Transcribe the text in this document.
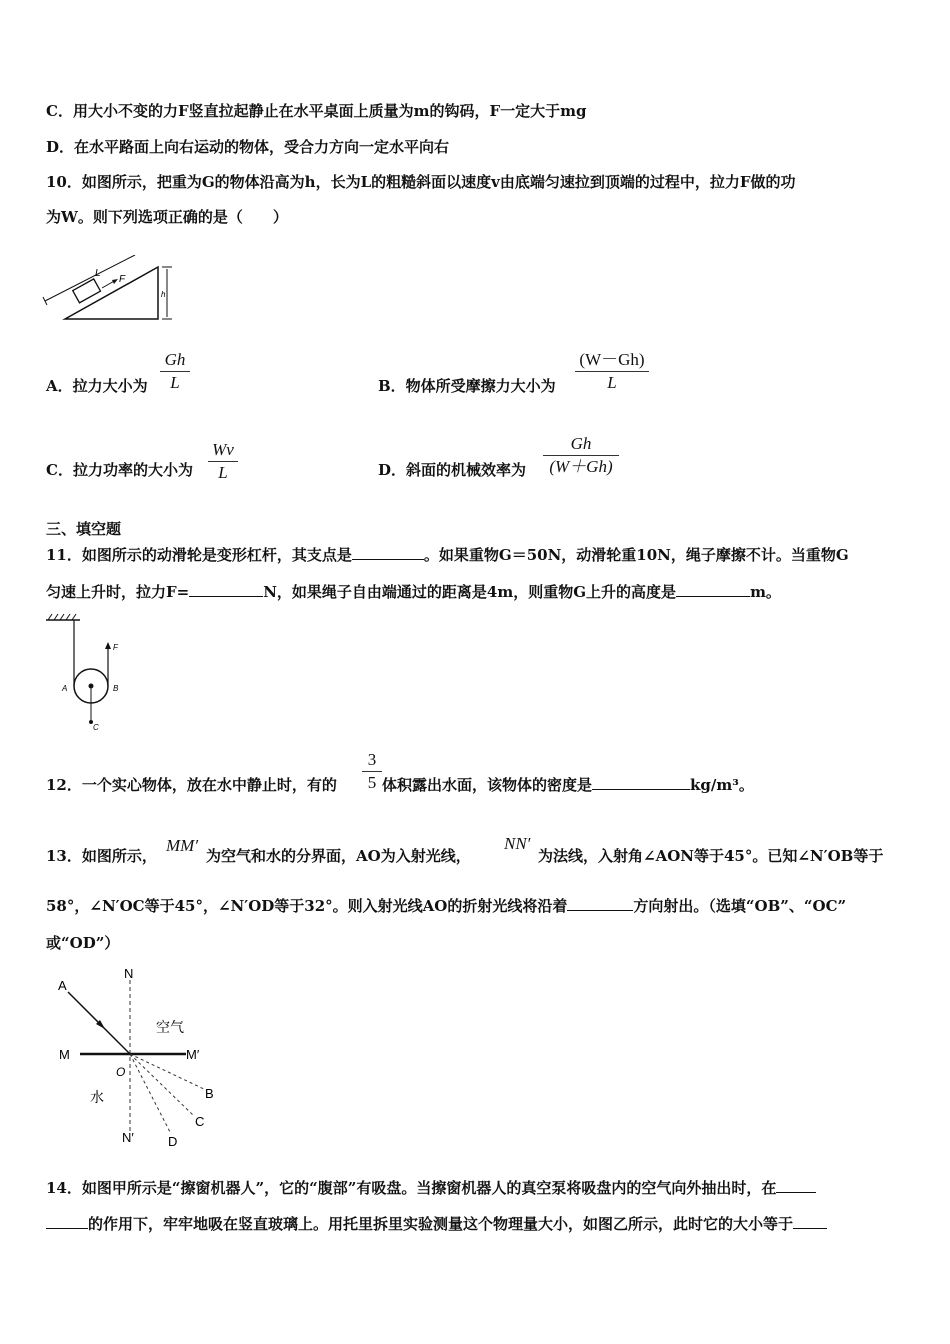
C．用大小不变的力F竖直拉起静止在水平桌面上质量为m的钩码，F一定大于mg
D．在水平路面上向右运动的物体，受合力方向一定水平向右
10．如图所示，把重为G的物体沿高为h，长为L的粗糙斜面以速度v由底端匀速拉到顶端的过程中，拉力F做的功
为W。则下列选项正确的是（　　）
L
F
h
A．拉力大小为
Gh
L	B．物体所受摩擦力大小为
(W－Gh)
L
C．拉力功率的大小为
Wv
L	D．斜面的机械效率为
Gh
(W＋Gh)
三、填空题
11．如图所示的动滑轮是变形杠杆，其支点是	。如果重物G＝50N，动滑轮重10N，绳子摩擦不计。当重物G
匀速上升时，拉力F=	N，如果绳子自由端通过的距离是4m，则重物G上升的高度是	m。
F
A	B
C
12．一个实心物体，放在水中静止时，有的
3
5 体积露出水面，该物体的密度是	kg/m³。
13．如图所示，
MM′
为空气和水的分界面，AO为入射光线，
NN′
为法线，入射角∠AON等于45°。已知∠N′OB等于
58°，∠N′OC等于45°，∠N′OD等于32°。则入射光线AO的折射光线将沿着	方向射出。（选填“OB”、“OC”
或“OD”）
N
A
空气
M	M′
O
水	B
C
N′	D
14．如图甲所示是“擦窗机器人”，它的“腹部”有吸盘。当擦窗机器人的真空泵将吸盘内的空气向外抽出时，在
的作用下，牢牢地吸在竖直玻璃上。用托里拆里实验测量这个物理量大小，如图乙所示，此时它的大小等于
